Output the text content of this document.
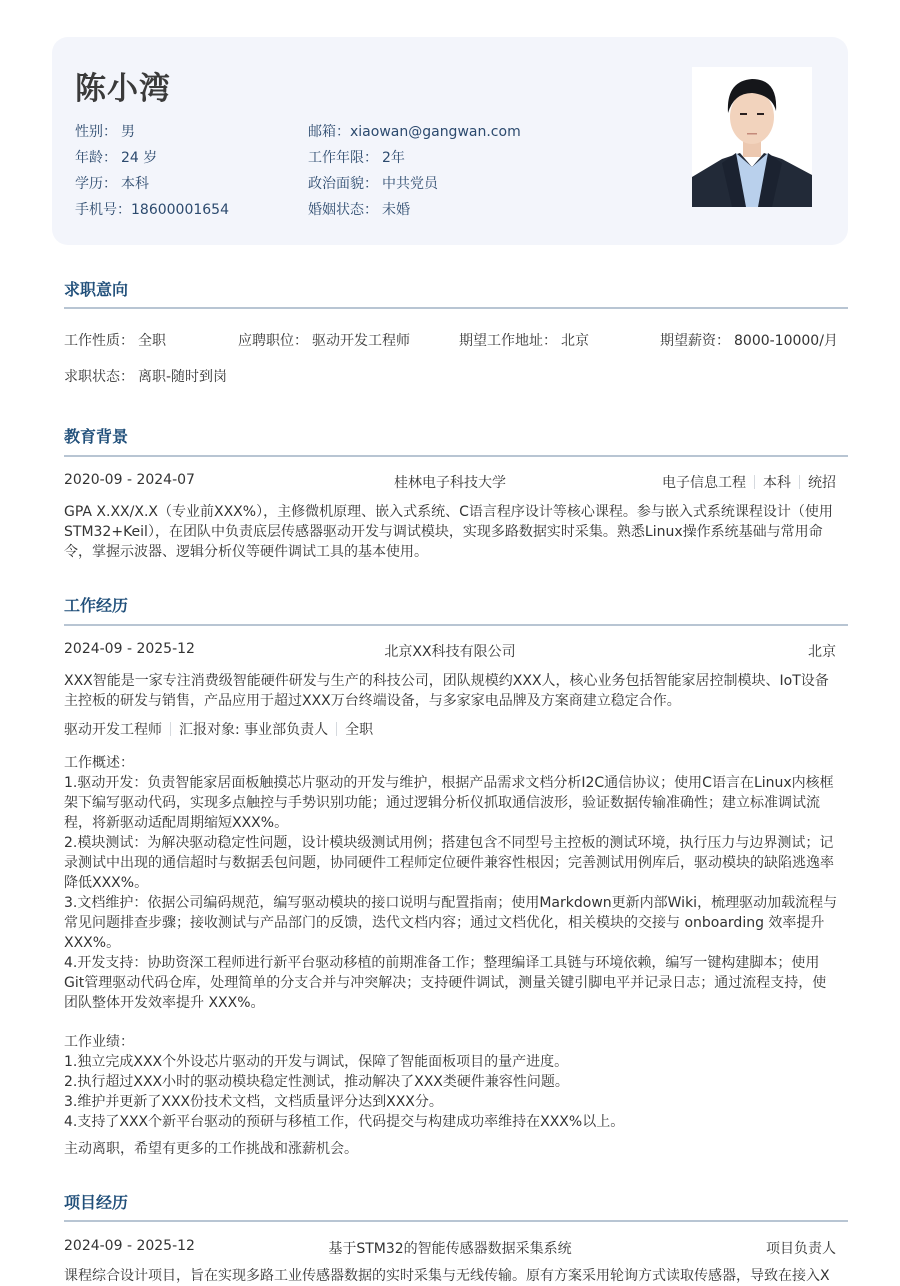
陈小湾
性别： 男
年龄： 24 岁
学历： 本科
手机号：18600001654
邮箱：xiaowan@gangwan.com
工作年限： 2年
政治面貌： 中共党员
婚姻状态： 未婚
求职意向
工作性质： 全职	应聘职位： 驱动开发工程师	期望工作地址： 北京	期望薪资： 8000-10000/月
求职状态： 离职-随时到岗
教育背景
2020-09 - 2024-07	桂林电子科技大学	电子信息工程 本科 统招
GPA X.XX/X.X（专业前XXX%），主修微机原理、嵌入式系统、C语言程序设计等核心课程。参与嵌入式系统课程设计（使用
STM32+Keil），在团队中负责底层传感器驱动开发与调试模块，实现多路数据实时采集。熟悉Linux操作系统基础与常用命
令，掌握示波器、逻辑分析仪等硬件调试工具的基本使用。
工作经历
2024-09 - 2025-12	北京XX科技有限公司	北京
XXX智能是一家专注消费级智能硬件研发与生产的科技公司，团队规模约XXX人，核心业务包括智能家居控制模块、IoT设备
主控板的研发与销售，产品应用于超过XXX万台终端设备，与多家家电品牌及方案商建立稳定合作。
驱动开发工程师 汇报对象: 事业部负责人 全职
工作概述：
1.驱动开发：负责智能家居面板触摸芯片驱动的开发与维护，根据产品需求文档分析I2C通信协议；使用C语言在Linux内核框
架下编写驱动代码，实现多点触控与手势识别功能；通过逻辑分析仪抓取通信波形，验证数据传输准确性；建立标准调试流
程，将新驱动适配周期缩短XXX%。
2.模块测试：为解决驱动稳定性问题，设计模块级测试用例；搭建包含不同型号主控板的测试环境，执行压力与边界测试；记
录测试中出现的通信超时与数据丢包问题，协同硬件工程师定位硬件兼容性根因；完善测试用例库后，驱动模块的缺陷逃逸率
降低XXX%。
3.文档维护：依据公司编码规范，编写驱动模块的接口说明与配置指南；使用Markdown更新内部Wiki，梳理驱动加载流程与
常见问题排查步骤；接收测试与产品部门的反馈，迭代文档内容；通过文档优化，相关模块的交接与 onboarding 效率提升
XXX%。
4.开发支持：协助资深工程师进行新平台驱动移植的前期准备工作；整理编译工具链与环境依赖，编写一键构建脚本；使用
Git管理驱动代码仓库，处理简单的分支合并与冲突解决；支持硬件调试，测量关键引脚电平并记录日志；通过流程支持，使
团队整体开发效率提升 XXX%。
工作业绩：
1.独立完成XXX个外设芯片驱动的开发与调试，保障了智能面板项目的量产进度。
2.执行超过XXX小时的驱动模块稳定性测试，推动解决了XXX类硬件兼容性问题。
3.维护并更新了XXX份技术文档，文档质量评分达到XXX分。
4.支持了XXX个新平台驱动的预研与移植工作，代码提交与构建成功率维持在XXX%以上。
主动离职，希望有更多的工作挑战和涨薪机会。
项目经历
2024-09 - 2025-12	基于STM32的智能传感器数据采集系统	项目负责人
课程综合设计项目，旨在实现多路工业传感器数据的实时采集与无线传输。原有方案采用轮询方式读取传感器，导致在接入X
